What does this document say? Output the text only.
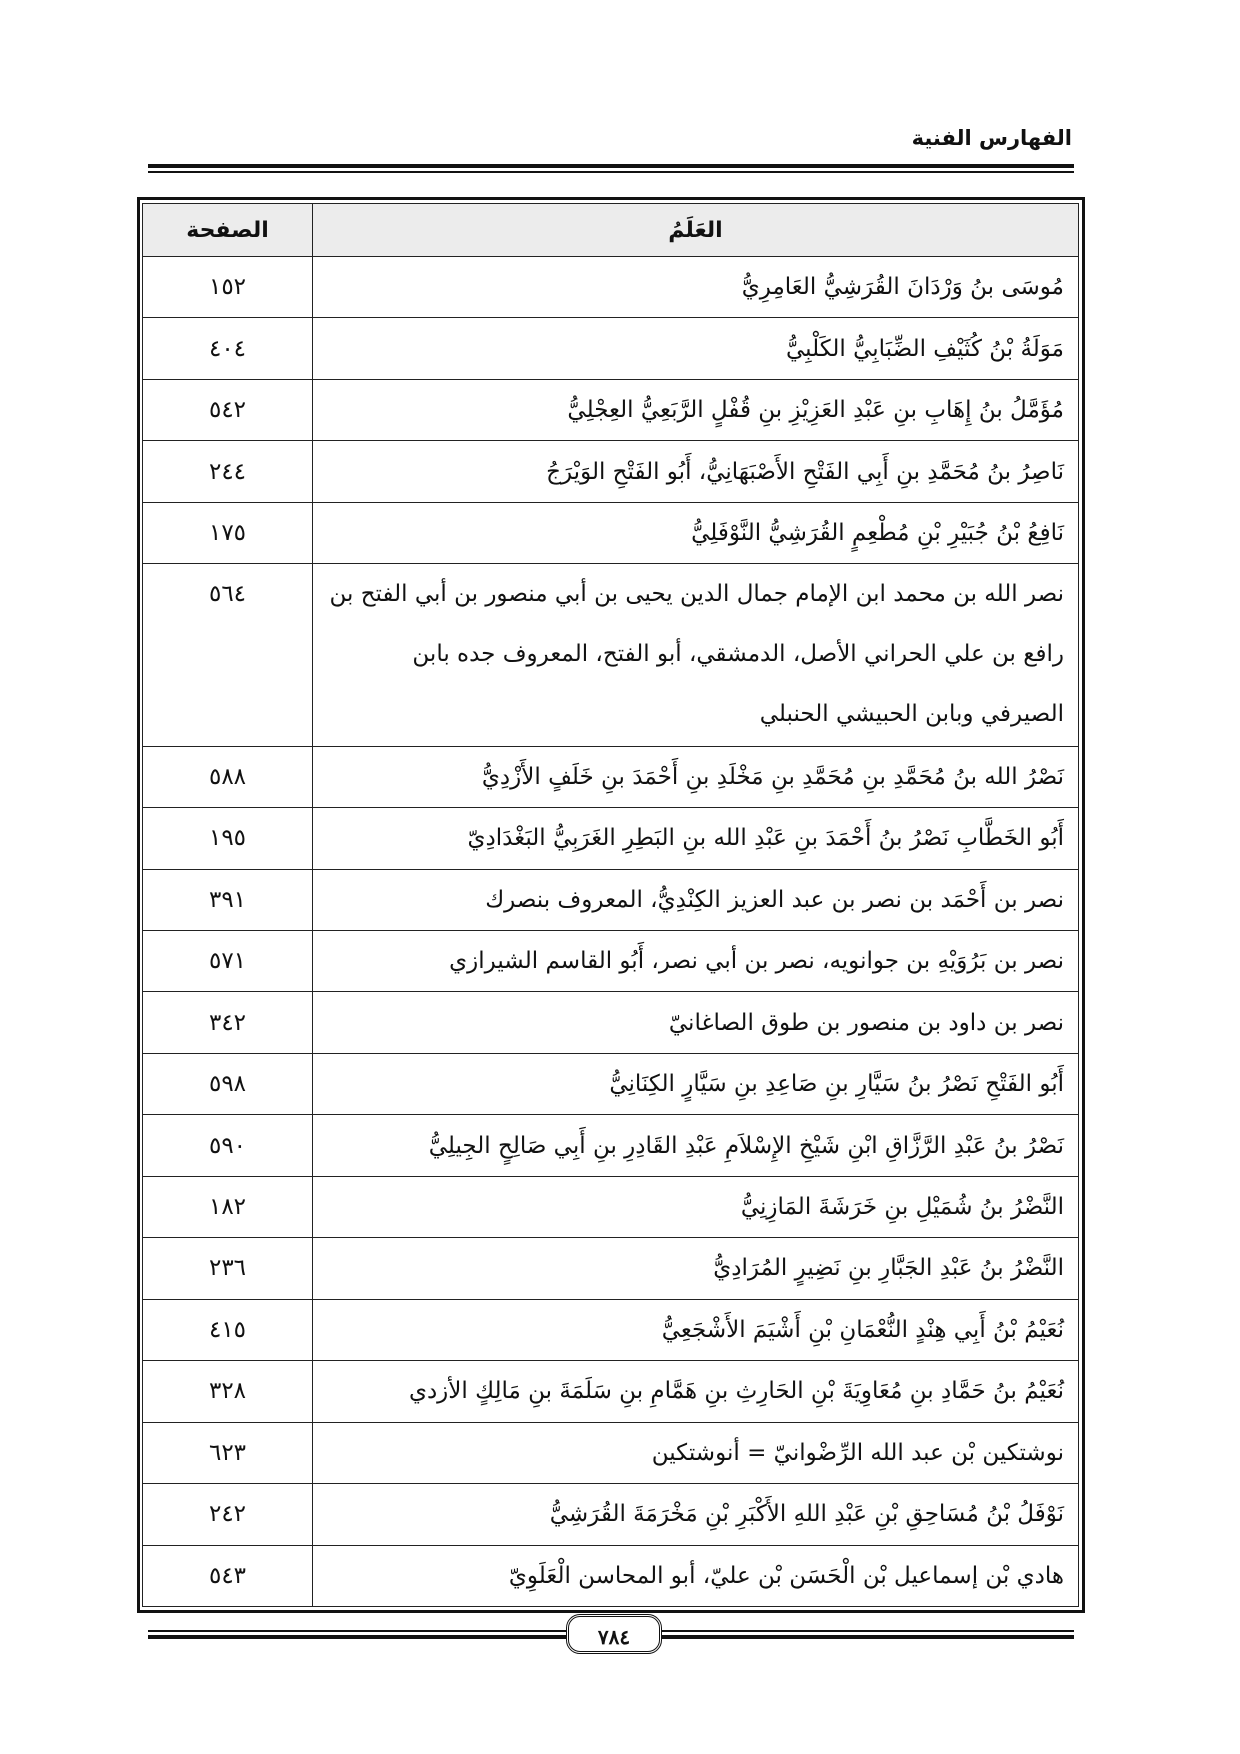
الفهارس الفنية
العَلَمُ	الصفحة
مُوسَى بنُ وَرْدَانَ القُرَشِيُّ العَامِرِيُّ	١٥٢
مَوَلَةُ بْنُ كُثَيْفِ الضِّبَابِيُّ الكَلْبِيُّ	٤٠٤
مُؤَمَّلُ بنُ إِهَابِ بنِ عَبْدِ العَزِيْزِ بنِ قُفْلٍ الرَّبَعِيُّ العِجْلِيُّ	٥٤٢
نَاصِرُ بنُ مُحَمَّدِ بنِ أَبِي الفَتْحِ الأَصْبَهَانِيُّ، أَبُو الفَتْحِ الوَيْرَجُ	٢٤٤
نَافِعُ بْنُ جُبَيْرِ بْنِ مُطْعِمٍ القُرَشِيُّ النَّوْفَلِيُّ	١٧٥
نصر الله بن محمد ابن الإمام جمال الدين يحيى بن أبي منصور بن أبي الفتح بن رافع بن علي الحراني الأصل، الدمشقي، أبو الفتح، المعروف جده بابن الصيرفي وبابن الحبيشي الحنبلي	٥٦٤
نَصْرُ الله بنُ مُحَمَّدِ بنِ مُحَمَّدِ بنِ مَخْلَدِ بنِ أَحْمَدَ بنِ خَلَفٍ الأَزْدِيُّ	٥٨٨
أَبُو الخَطَّابِ نَصْرُ بنُ أَحْمَدَ بنِ عَبْدِ الله بنِ البَطِرِ الغَرَبِيُّ البَغْدَادِيّ	١٩٥
نصر بن أَحْمَد بن نصر بن عبد العزيز الكِنْدِيُّ، المعروف بنصرك	٣٩١
نصر بن بَرُوَيْهِ بن جوانويه، نصر بن أبي نصر، أَبُو القاسم الشيرازي	٥٧١
نصر بن داود بن منصور بن طوق الصاغانيّ	٣٤٢
أَبُو الفَتْحِ نَصْرُ بنُ سَيَّارِ بنِ صَاعِدِ بنِ سَيَّارٍ الكِنَانِيُّ	٥٩٨
نَصْرُ بنُ عَبْدِ الرَّزَّاقِ ابْنِ شَيْخِ الإِسْلاَمِ عَبْدِ القَادِرِ بنِ أَبِي صَالِحٍ الجِيلِيُّ	٥٩٠
النَّضْرُ بنُ شُمَيْلِ بنِ خَرَشَةَ المَازِنِيُّ	١٨٢
النَّضْرُ بنُ عَبْدِ الجَبَّارِ بنِ نَضِيرٍ المُرَادِيُّ	٢٣٦
نُعَيْمُ بْنُ أَبِي هِنْدٍ النُّعْمَانِ بْنِ أَشْيَمَ الأَشْجَعِيُّ	٤١٥
نُعَيْمُ بنُ حَمَّادِ بنِ مُعَاوِيَةَ بْنِ الحَارِثِ بنِ هَمَّامِ بنِ سَلَمَةَ بنِ مَالِكٍ الأزدي	٣٢٨
نوشتكين بْن عبد الله الرِّضْوانيّ = أنوشتكين	٦٢٣
نَوْفَلُ بْنُ مُسَاحِقِ بْنِ عَبْدِ اللهِ الأَكْبَرِ بْنِ مَخْرَمَةَ القُرَشِيُّ	٢٤٢
هادي بْن إسماعيل بْن الْحَسَن بْن عليّ، أبو المحاسن الْعَلَوِيّ	٥٤٣
٧٨٤
